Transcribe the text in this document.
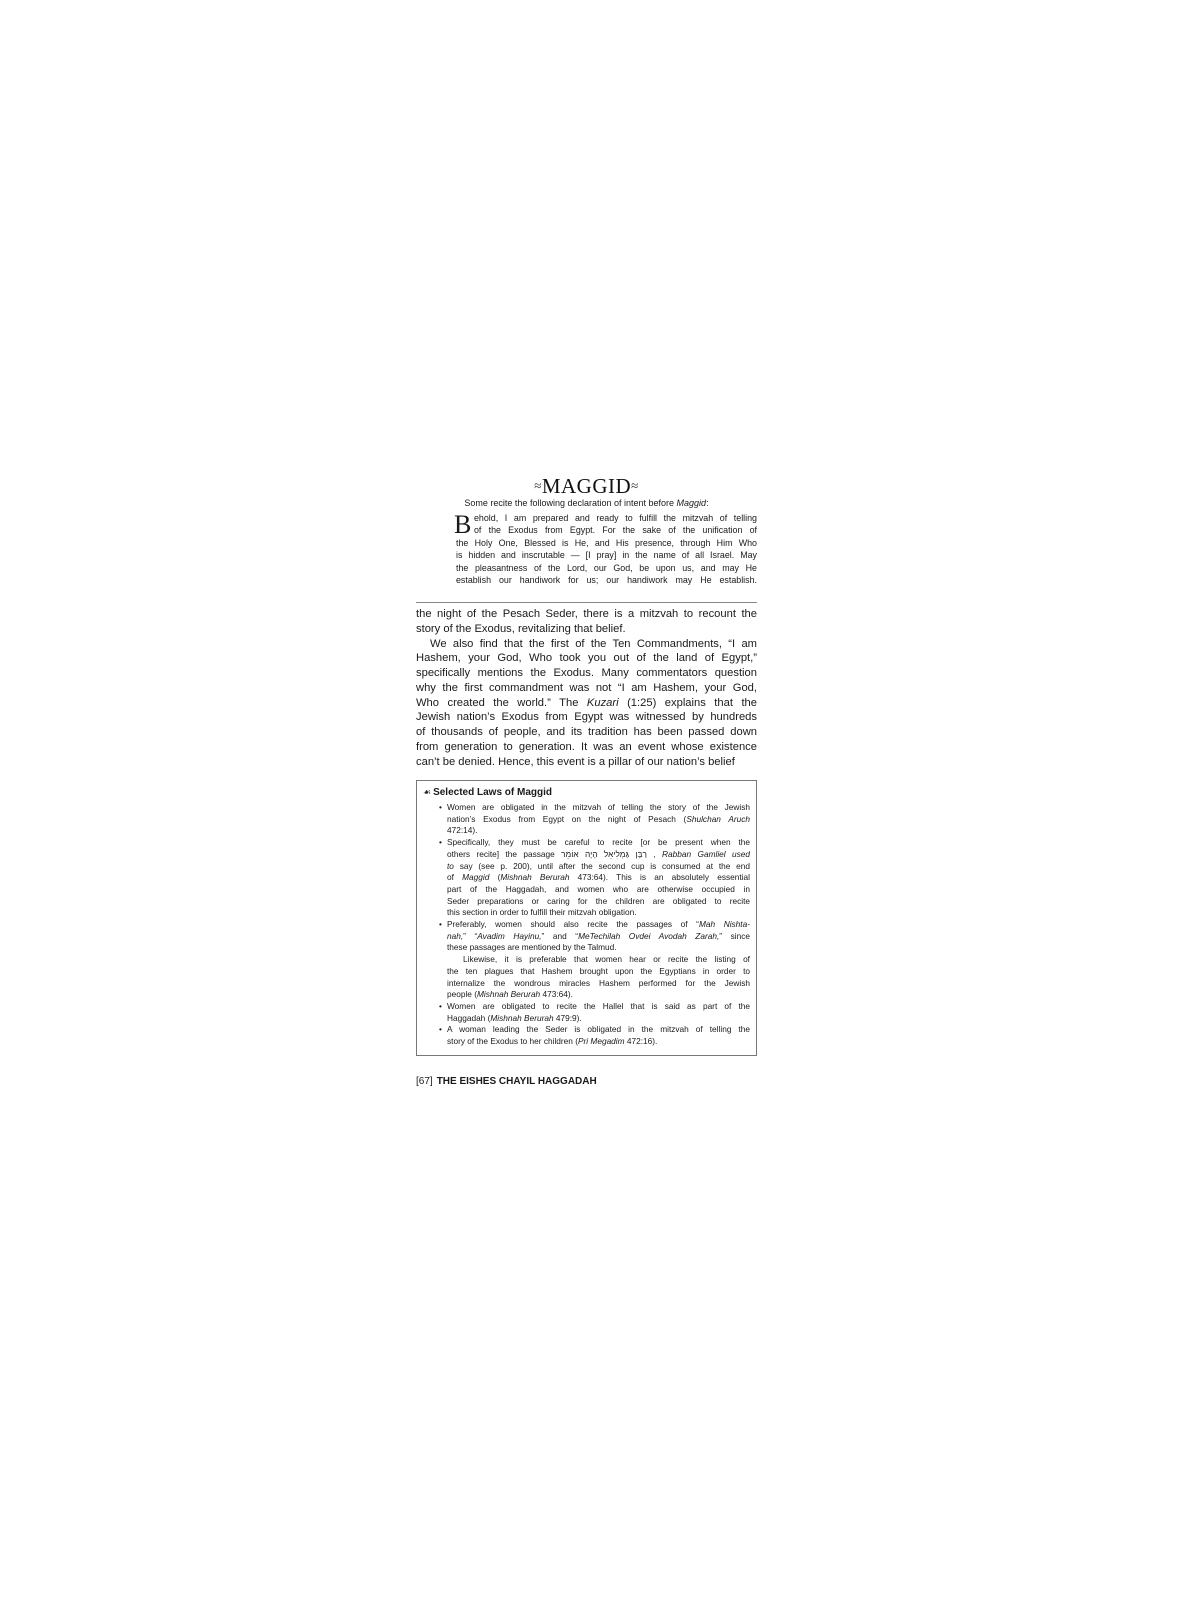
≈MAGGID≈
Some recite the following declaration of intent before Maggid:
B ehold, I am prepared and ready to fulfill the mitzvah of telling
of the Exodus from Egypt. For the sake of the unification of
the Holy One, Blessed is He, and His presence, through Him Who
is hidden and inscrutable — [I pray] in the name of all Israel. May
the pleasantness of the Lord, our God, be upon us, and may He
establish our handiwork for us; our handiwork may He establish.
the night of the Pesach Seder, there is a mitzvah to recount the
story of the Exodus, revitalizing that belief.
We also find that the first of the Ten Commandments, “I am
Hashem, your God, Who took you out of the land of Egypt,”
specifically mentions the Exodus. Many commentators question
why the first commandment was not “I am Hashem, your God,
Who created the world.” The Kuzari (1:25) explains that the
Jewish nation’s Exodus from Egypt was witnessed by hundreds
of thousands of people, and its tradition has been passed down
from generation to generation. It was an event whose existence
can’t be denied. Hence, this event is a pillar of our nation’s belief
☙ Selected Laws of Maggid
• Women are obligated in the mitzvah of telling the story of the Jewish
nation’s Exodus from Egypt on the night of Pesach (Shulchan Aruch
472:14).
• Specifically, they must be careful to recite [or be present when the
others recite] the passage רַבָּן גַּמְלִיאֵל הָיָה אוֹמֵר , Rabban Gamliel used
to say (see p. 200), until after the second cup is consumed at the end
of Maggid (Mishnah Berurah 473:64). This is an absolutely essential
part of the Haggadah, and women who are otherwise occupied in
Seder preparations or caring for the children are obligated to recite
this section in order to fulfill their mitzvah obligation.
• Preferably, women should also recite the passages of “Mah Nishta-
nah,” “Avadim Hayinu,” and “MeTechilah Ovdei Avodah Zarah,” since
these passages are mentioned by the Talmud.
Likewise, it is preferable that women hear or recite the listing of
the ten plagues that Hashem brought upon the Egyptians in order to
internalize the wondrous miracles Hashem performed for the Jewish
people (Mishnah Berurah 473:64).
• Women are obligated to recite the Hallel that is said as part of the
Haggadah (Mishnah Berurah 479:9).
• A woman leading the Seder is obligated in the mitzvah of telling the
story of the Exodus to her children (Pri Megadim 472:16).
[67] THE EISHES CHAYIL HAGGADAH
